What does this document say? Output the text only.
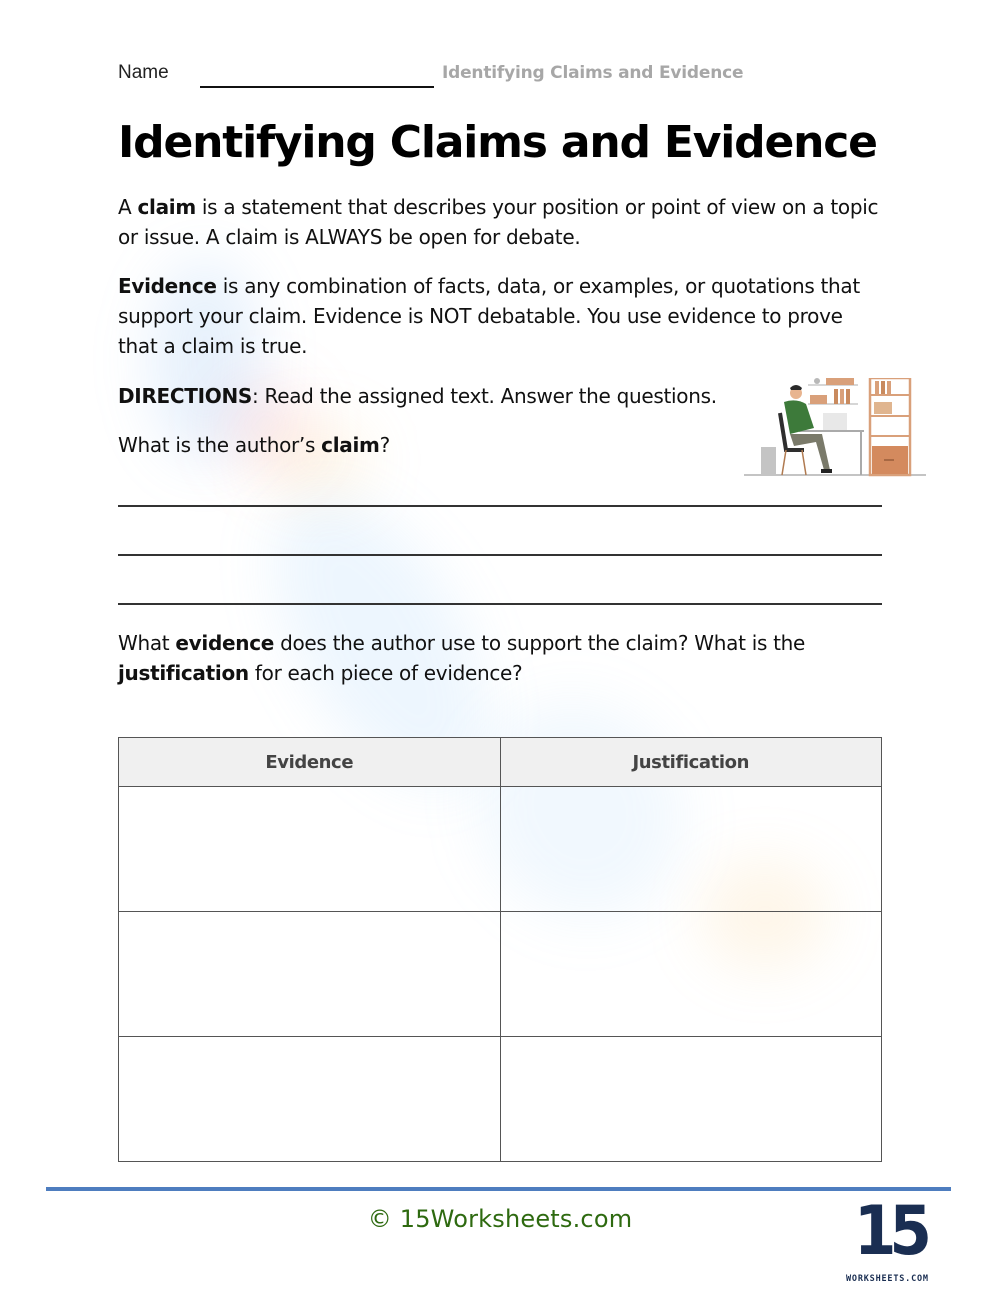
Name	Identifying Claims and Evidence
Identifying Claims and Evidence

A claim is a statement that describes your position or point of view on a topic or issue. A claim is ALWAYS be open for debate.

Evidence is any combination of facts, data, or examples, or quotations that support your claim. Evidence is NOT debatable. You use evidence to prove that a claim is true.

DIRECTIONS: Read the assigned text. Answer the questions.

What is the author’s claim?

What evidence does the author use to support the claim? What is the justification for each piece of evidence?

Evidence	Justification

© 15Worksheets.com	15
WORKSHEETS.COM
